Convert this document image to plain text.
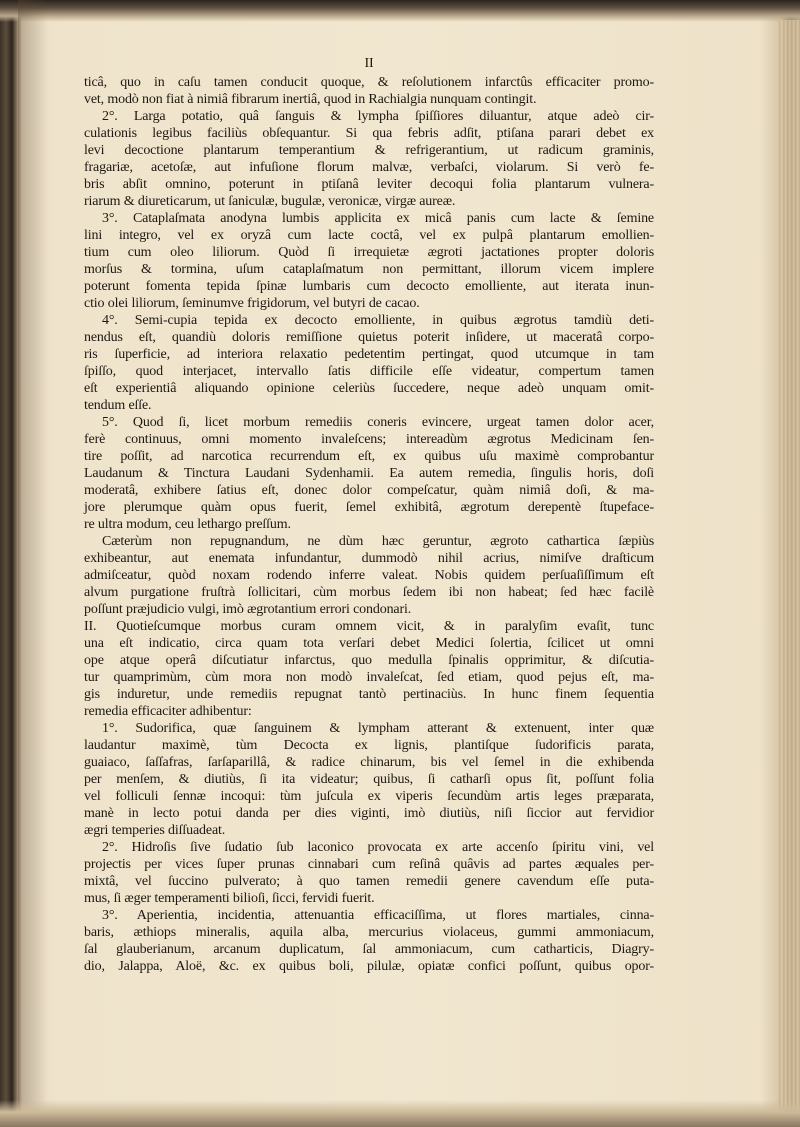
II
ticâ, quo in caſu tamen conducit quoque, & reſolutionem infarctûs efficaciter promo-
vet, modò non fiat à nimiâ fibrarum inertiâ, quod in Rachialgia nunquam contingit.
2°. Larga potatio, quâ ſanguis & lympha ſpiſſiores diluantur, atque adeò cir-
culationis legibus faciliùs obſequantur. Si qua febris adſit, ptiſana parari debet ex
levi decoctione plantarum temperantium & refrigerantium, ut radicum graminis,
fragariæ, acetoſæ, aut infuſione florum malvæ, verbaſci, violarum. Si verò fe-
bris abſit omnino, poterunt in ptiſanâ leviter decoqui folia plantarum vulnera-
riarum & diureticarum, ut ſaniculæ, bugulæ, veronicæ, virgæ aureæ.
3°. Cataplaſmata anodyna lumbis applicita ex micâ panis cum lacte & ſemine
lini integro, vel ex oryzâ cum lacte coctâ, vel ex pulpâ plantarum emollien-
tium cum oleo liliorum. Quòd ſi irrequietæ ægroti jactationes propter doloris
morſus & tormina, uſum cataplaſmatum non permittant, illorum vicem implere
poterunt fomenta tepida ſpinæ lumbaris cum decocto emolliente, aut iterata inun-
ctio olei liliorum, ſeminumve frigidorum, vel butyri de cacao.
4°. Semi-cupia tepida ex decocto emolliente, in quibus ægrotus tamdiù deti-
nendus eſt, quandiù doloris remiſſione quietus poterit inſidere, ut maceratâ corpo-
ris ſuperficie, ad interiora relaxatio pedetentim pertingat, quod utcumque in tam
ſpiſſo, quod interjacet, intervallo ſatis difficile eſſe videatur, compertum tamen
eſt experientiâ aliquando opinione celeriùs ſuccedere, neque adeò unquam omit-
tendum eſſe.
5°. Quod ſi, licet morbum remediis coneris evincere, urgeat tamen dolor acer,
ferè continuus, omni momento invaleſcens; intereadùm ægrotus Medicinam ſen-
tire poſſit, ad narcotica recurrendum eſt, ex quibus uſu maximè comprobantur
Laudanum & Tinctura Laudani Sydenhamii. Ea autem remedia, ſingulis horis, doſi
moderatâ, exhibere ſatius eſt, donec dolor compeſcatur, quàm nimiâ doſi, & ma-
jore plerumque quàm opus fuerit, ſemel exhibitâ, ægrotum derepentè ſtupeface-
re ultra modum, ceu lethargo preſſum.
Cæterùm non repugnandum, ne dùm hæc geruntur, ægroto cathartica ſæpiùs
exhibeantur, aut enemata infundantur, dummodò nihil acrius, nimiſve draſticum
admiſceatur, quòd noxam rodendo inferre valeat. Nobis quidem perſuaſiſſimum eſt
alvum purgatione fruſtrà ſollicitari, cùm morbus ſedem ibi non habeat; ſed hæc facilè
poſſunt præjudicio vulgi, imò ægrotantium errori condonari.
II. Quotieſcumque morbus curam omnem vicit, & in paralyſim evaſit, tunc
una eſt indicatio, circa quam tota verſari debet Medici ſolertia, ſcilicet ut omni
ope atque operâ diſcutiatur infarctus, quo medulla ſpinalis opprimitur, & diſcutia-
tur quamprimùm, cùm mora non modò invaleſcat, ſed etiam, quod pejus eſt, ma-
gis induretur, unde remediis repugnat tantò pertinaciùs. In hunc finem ſequentia
remedia efficaciter adhibentur:
1°. Sudorifica, quæ ſanguinem & lympham atterant & extenuent, inter quæ
laudantur maximè, tùm Decocta ex lignis, plantiſque ſudorificis parata,
guaiaco, ſaſſafras, ſarſaparillâ, & radice chinarum, bis vel ſemel in die exhibenda
per menſem, & diutiùs, ſi ita videatur; quibus, ſi catharſi opus ſit, poſſunt folia
vel folliculi ſennæ incoqui: tùm juſcula ex viperis ſecundùm artis leges præparata,
manè in lecto potui danda per dies viginti, imò diutiùs, niſi ſiccior aut fervidior
ægri temperies diſſuadeat.
2°. Hidroſis ſive ſudatio ſub laconico provocata ex arte accenſo ſpiritu vini, vel
projectis per vices ſuper prunas cinnabari cum reſinâ quâvis ad partes æquales per-
mixtâ, vel ſuccino pulverato; à quo tamen remedii genere cavendum eſſe puta-
mus, ſi æger temperamenti bilioſi, ſicci, fervidi fuerit.
3°. Aperientia, incidentia, attenuantia efficaciſſima, ut flores martiales, cinna-
baris, æthiops mineralis, aquila alba, mercurius violaceus, gummi ammoniacum,
ſal glauberianum, arcanum duplicatum, ſal ammoniacum, cum catharticis, Diagry-
dio, Jalappa, Aloë, &c. ex quibus boli, pilulæ, opiatæ confici poſſunt, quibus opor-
